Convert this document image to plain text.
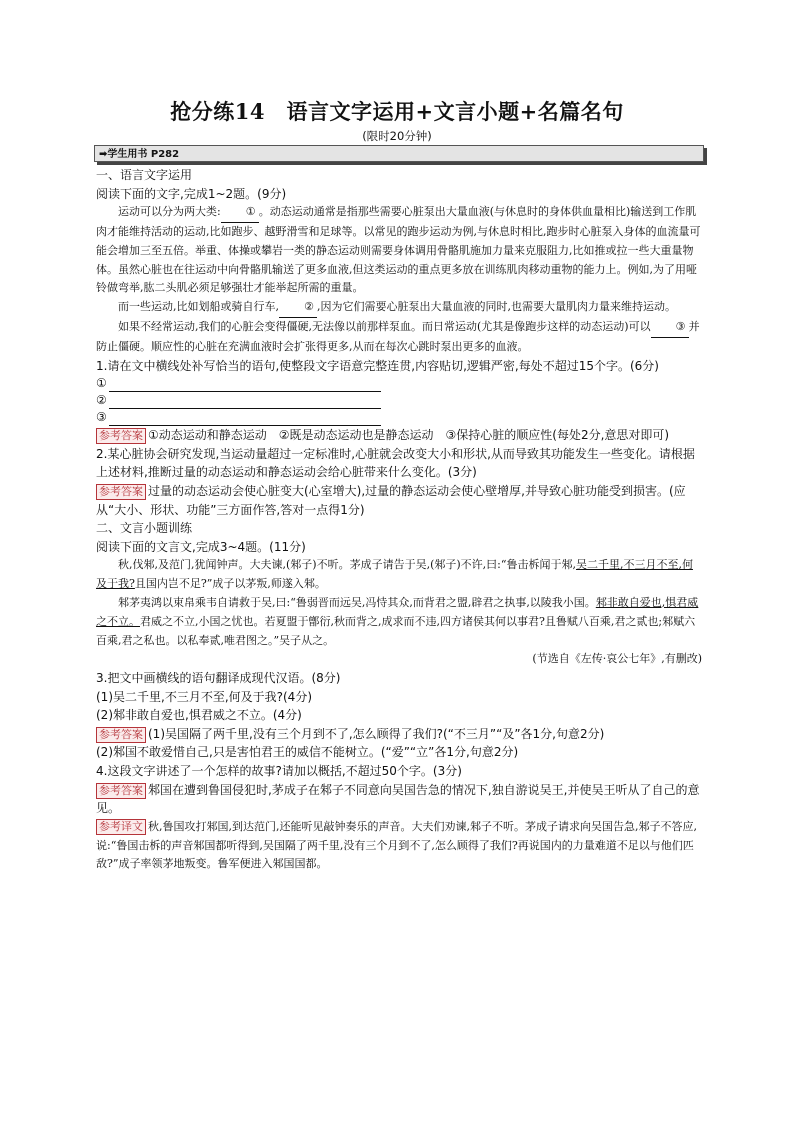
抢分练14　语言文字运用+文言小题+名篇名句
(限时20分钟)
➡学生用书 P282

一、语言文字运用

阅读下面的文字,完成1~2题。(9分)

运动可以分为两大类: ① 。动态运动通常是指那些需要心脏泵出大量血液(与休息时的身体供血量相比)输送到工作肌肉才能维持活动的运动,比如跑步、越野滑雪和足球等。以常见的跑步运动为例,与休息时相比,跑步时心脏泵入身体的血流量可能会增加三至五倍。举重、体操或攀岩一类的静态运动则需要身体调用骨骼肌施加力量来克服阻力,比如推或拉一些大重量物体。虽然心脏也在往运动中向骨骼肌输送了更多血液,但这类运动的重点更多放在训练肌肉移动重物的能力上。例如,为了用哑铃做弯举,肱二头肌必须足够强壮才能举起所需的重量。

而一些运动,比如划船或骑自行车, ② ,因为它们需要心脏泵出大量血液的同时,也需要大量肌肉力量来维持运动。

如果不经常运动,我们的心脏会变得僵硬,无法像以前那样泵血。而日常运动(尤其是像跑步这样的动态运动)可以 ③ 并防止僵硬。顺应性的心脏在充满血液时会扩张得更多,从而在每次心跳时泵出更多的血液。

1.请在文中横线处补写恰当的语句,使整段文字语意完整连贯,内容贴切,逻辑严密,每处不超过15个字。(6分)

①
②
③

参考答案 ①动态运动和静态运动　②既是动态运动也是静态运动　③保持心脏的顺应性(每处2分,意思对即可)

2.某心脏协会研究发现,当运动量超过一定标准时,心脏就会改变大小和形状,从而导致其功能发生一些变化。请根据上述材料,推断过量的动态运动和静态运动会给心脏带来什么变化。(3分)

参考答案 过量的动态运动会使心脏变大(心室增大),过量的静态运动会使心壁增厚,并导致心脏功能受到损害。(应从“大小、形状、功能”三方面作答,答对一点得1分)

二、文言小题训练

阅读下面的文言文,完成3~4题。(11分)

秋,伐邾,及范门,犹闻钟声。大夫谏,(邾子)不听。茅成子请告于吴,(邾子)不许,曰:“鲁击柝闻于邾,吴二千里,不三月不至,何及于我?且国内岂不足?”成子以茅叛,师遂入邾。

邾茅夷鸿以束帛乘韦自请救于吴,曰:“鲁弱晋而远吴,冯恃其众,而背君之盟,辟君之执事,以陵我小国。邾非敢自爱也,惧君威之不立。君威之不立,小国之忧也。若夏盟于鄫衍,秋而背之,成求而不违,四方诸侯其何以事君?且鲁赋八百乘,君之贰也;邾赋六百乘,君之私也。以私奉贰,唯君图之。”吴子从之。

(节选自《左传·哀公七年》,有删改)

3.把文中画横线的语句翻译成现代汉语。(8分)

(1)吴二千里,不三月不至,何及于我?(4分)

(2)邾非敢自爱也,惧君威之不立。(4分)

参考答案 (1)吴国隔了两千里,没有三个月到不了,怎么顾得了我们?(“不三月”“及”各1分,句意2分)

(2)邾国不敢爱惜自己,只是害怕君王的威信不能树立。(“爱”“立”各1分,句意2分)

4.这段文字讲述了一个怎样的故事?请加以概括,不超过50个字。(3分)

参考答案 邾国在遭到鲁国侵犯时,茅成子在邾子不同意向吴国告急的情况下,独自游说吴王,并使吴王听从了自己的意见。

参考译文 秋,鲁国攻打邾国,到达范门,还能听见敲钟奏乐的声音。大夫们劝谏,邾子不听。茅成子请求向吴国告急,邾子不答应,说:“鲁国击柝的声音邾国都听得到,吴国隔了两千里,没有三个月到不了,怎么顾得了我们?再说国内的力量难道不足以与他们匹敌?”成子率领茅地叛变。鲁军便进入邾国国都。
